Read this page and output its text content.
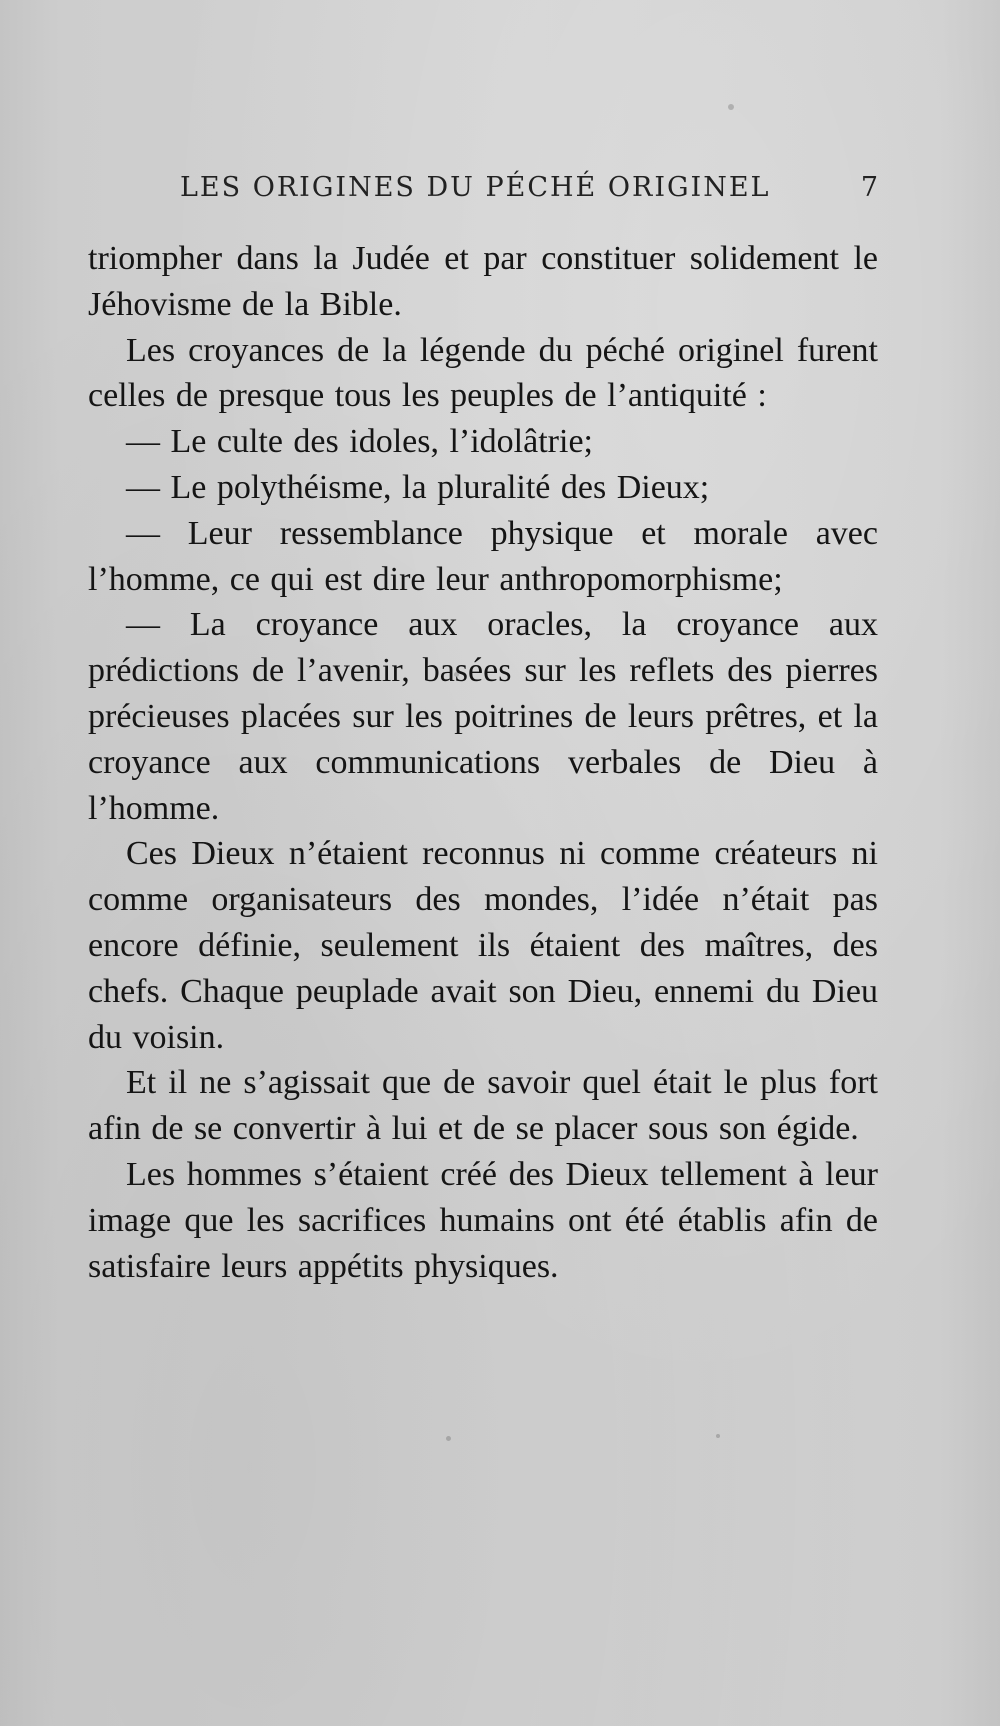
LES ORIGINES DU PÉCHÉ ORIGINEL	7

triompher dans la Judée et par constituer solidement le Jéhovisme de la Bible.

Les croyances de la légende du péché originel furent celles de presque tous les peuples de l’antiquité :

— Le culte des idoles, l’idolâtrie;

— Le polythéisme, la pluralité des Dieux;

— Leur ressemblance physique et morale avec l’homme, ce qui est dire leur anthropomorphisme;

— La croyance aux oracles, la croyance aux prédictions de l’avenir, basées sur les reflets des pierres précieuses placées sur les poitrines de leurs prêtres, et la croyance aux communications verbales de Dieu à l’homme.

Ces Dieux n’étaient reconnus ni comme créateurs ni comme organisateurs des mondes, l’idée n’était pas encore définie, seulement ils étaient des maîtres, des chefs. Chaque peuplade avait son Dieu, ennemi du Dieu du voisin.

Et il ne s’agissait que de savoir quel était le plus fort afin de se convertir à lui et de se placer sous son égide.

Les hommes s’étaient créé des Dieux tellement à leur image que les sacrifices humains ont été établis afin de satisfaire leurs appétits physiques.
